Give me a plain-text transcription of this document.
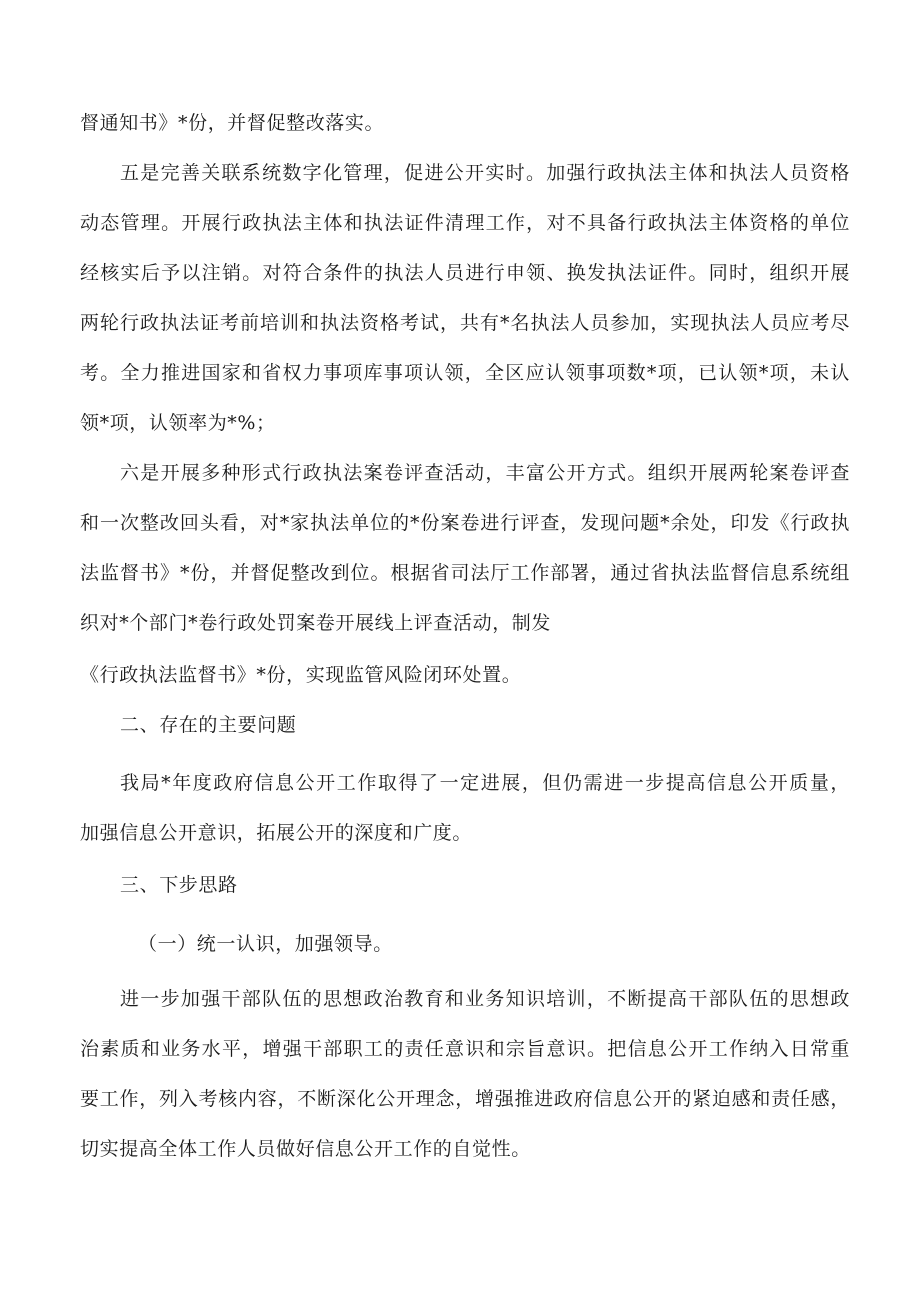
督通知书》*份，并督促整改落实。
五是完善关联系统数字化管理，促进公开实时。加强行政执法主体和执法人员资格
动态管理。开展行政执法主体和执法证件清理工作，对不具备行政执法主体资格的单位
经核实后予以注销。对符合条件的执法人员进行申领、换发执法证件。同时，组织开展
两轮行政执法证考前培训和执法资格考试，共有*名执法人员参加，实现执法人员应考尽
考。全力推进国家和省权力事项库事项认领，全区应认领事项数*项，已认领*项，未认
领*项，认领率为*%；
六是开展多种形式行政执法案卷评查活动，丰富公开方式。组织开展两轮案卷评查
和一次整改回头看，对*家执法单位的*份案卷进行评查，发现问题*余处，印发《行政执
法监督书》*份，并督促整改到位。根据省司法厅工作部署，通过省执法监督信息系统组
织对*个部门*卷行政处罚案卷开展线上评查活动，制发
《行政执法监督书》*份，实现监管风险闭环处置。
二、存在的主要问题
我局*年度政府信息公开工作取得了一定进展，但仍需进一步提高信息公开质量，
加强信息公开意识，拓展公开的深度和广度。
三、下步思路
（一）统一认识，加强领导。
进一步加强干部队伍的思想政治教育和业务知识培训，不断提高干部队伍的思想政
治素质和业务水平，增强干部职工的责任意识和宗旨意识。把信息公开工作纳入日常重
要工作，列入考核内容，不断深化公开理念，增强推进政府信息公开的紧迫感和责任感，
切实提高全体工作人员做好信息公开工作的自觉性。
